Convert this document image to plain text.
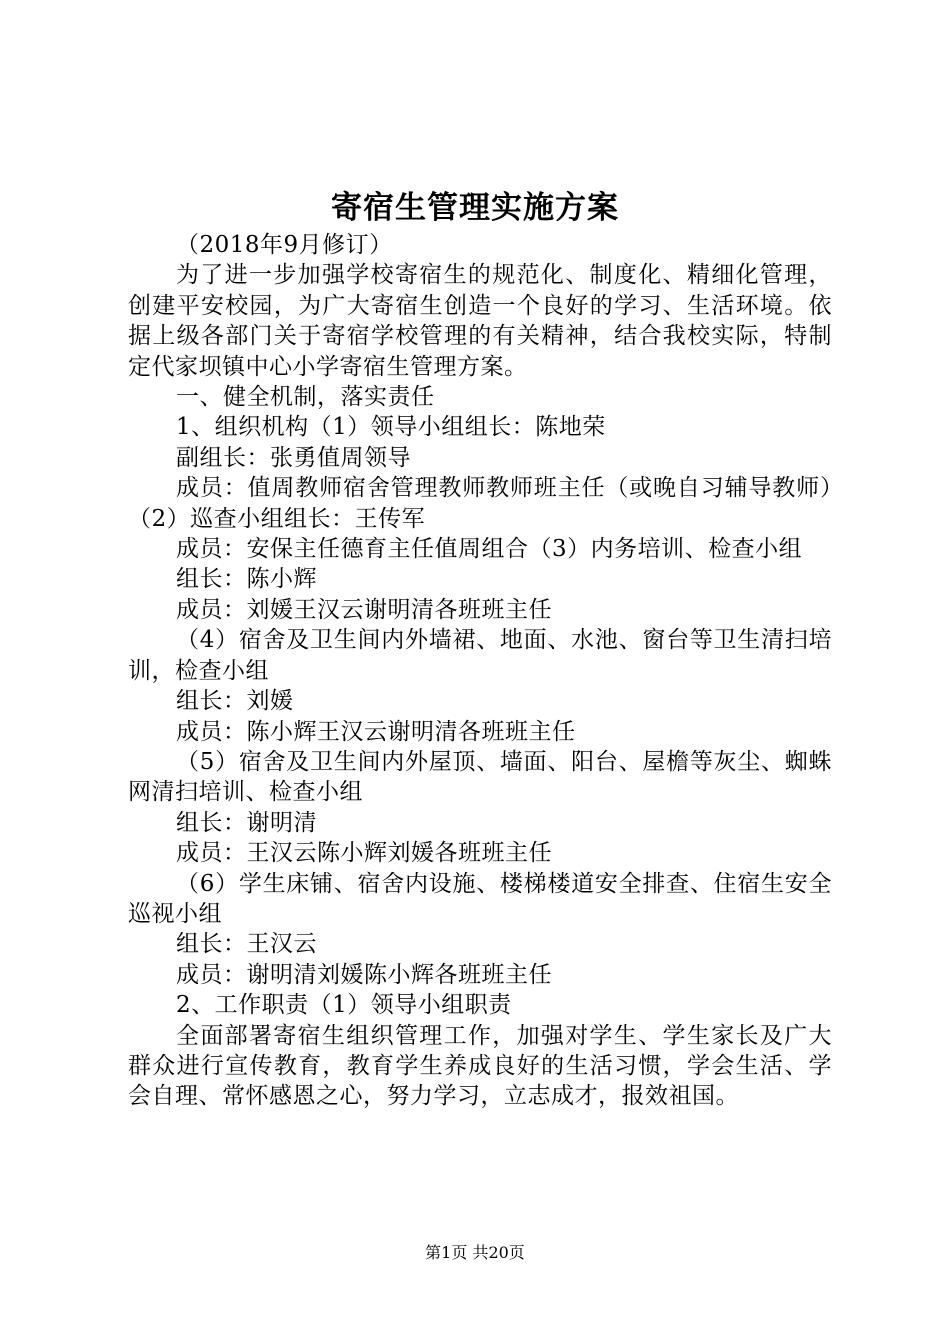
寄宿生管理实施方案

（2018年9月修订）

为了进一步加强学校寄宿生的规范化、制度化、精细化管理，创建平安校园，为广大寄宿生创造一个良好的学习、生活环境。依据上级各部门关于寄宿学校管理的有关精神，结合我校实际，特制定代家坝镇中心小学寄宿生管理方案。

一、健全机制，落实责任

1、组织机构（1）领导小组组长：陈地荣

副组长：张勇值周领导

成员：值周教师宿舍管理教师教师班主任（或晚自习辅导教师）（2）巡查小组组长：王传军

成员：安保主任德育主任值周组合（3）内务培训、检查小组

组长：陈小辉

成员：刘媛王汉云谢明清各班班主任

（4）宿舍及卫生间内外墙裙、地面、水池、窗台等卫生清扫培训，检查小组

组长：刘媛

成员：陈小辉王汉云谢明清各班班主任

（5）宿舍及卫生间内外屋顶、墙面、阳台、屋檐等灰尘、蜘蛛网清扫培训、检查小组

组长：谢明清

成员：王汉云陈小辉刘媛各班班主任

（6）学生床铺、宿舍内设施、楼梯楼道安全排查、住宿生安全巡视小组

组长：王汉云

成员：谢明清刘媛陈小辉各班班主任

2、工作职责（1）领导小组职责

全面部署寄宿生组织管理工作，加强对学生、学生家长及广大群众进行宣传教育，教育学生养成良好的生活习惯，学会生活、学会自理、常怀感恩之心，努力学习，立志成才，报效祖国。

第1页 共20页
